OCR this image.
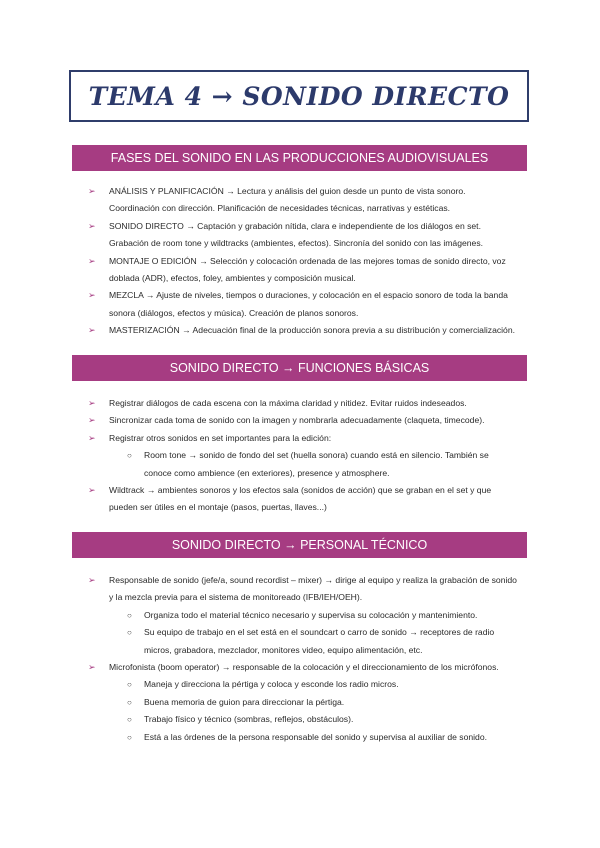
TEMA 4 → SONIDO DIRECTO
FASES DEL SONIDO EN LAS PRODUCCIONES AUDIOVISUALES
➢ ANÁLISIS Y PLANIFICACIÓN → Lectura y análisis del guion desde un punto de vista sonoro. Coordinación con dirección. Planificación de necesidades técnicas, narrativas y estéticas.
➢ SONIDO DIRECTO → Captación y grabación nítida, clara e independiente de los diálogos en set. Grabación de room tone y wildtracks (ambientes, efectos). Sincronía del sonido con las imágenes.
➢ MONTAJE O EDICIÓN → Selección y colocación ordenada de las mejores tomas de sonido directo, voz doblada (ADR), efectos, foley, ambientes y composición musical.
➢ MEZCLA → Ajuste de niveles, tiempos o duraciones, y colocación en el espacio sonoro de toda la banda sonora (diálogos, efectos y música). Creación de planos sonoros.
➢ MASTERIZACIÓN → Adecuación final de la producción sonora previa a su distribución y comercialización.
SONIDO DIRECTO → FUNCIONES BÁSICAS
➢ Registrar diálogos de cada escena con la máxima claridad y nitidez. Evitar ruidos indeseados.
➢ Sincronizar cada toma de sonido con la imagen y nombrarla adecuadamente (claqueta, timecode).
➢ Registrar otros sonidos en set importantes para la edición:
○ Room tone → sonido de fondo del set (huella sonora) cuando está en silencio. También se conoce como ambience (en exteriores), presence y atmosphere.
➢ Wildtrack → ambientes sonoros y los efectos sala (sonidos de acción) que se graban en el set y que pueden ser útiles en el montaje (pasos, puertas, llaves...)
SONIDO DIRECTO → PERSONAL TÉCNICO
➢ Responsable de sonido (jefe/a, sound recordist – mixer) → dirige al equipo y realiza la grabación de sonido y la mezcla previa para el sistema de monitoreado (IFB/IEH/OEH).
○ Organiza todo el material técnico necesario y supervisa su colocación y mantenimiento.
○ Su equipo de trabajo en el set está en el soundcart o carro de sonido → receptores de radio micros, grabadora, mezclador, monitores video, equipo alimentación, etc.
➢ Microfonista (boom operator) → responsable de la colocación y el direccionamiento de los micrófonos.
○ Maneja y direcciona la pértiga y coloca y esconde los radio micros.
○ Buena memoria de guion para direccionar la pértiga.
○ Trabajo físico y técnico (sombras, reflejos, obstáculos).
○ Está a las órdenes de la persona responsable del sonido y supervisa al auxiliar de sonido.
